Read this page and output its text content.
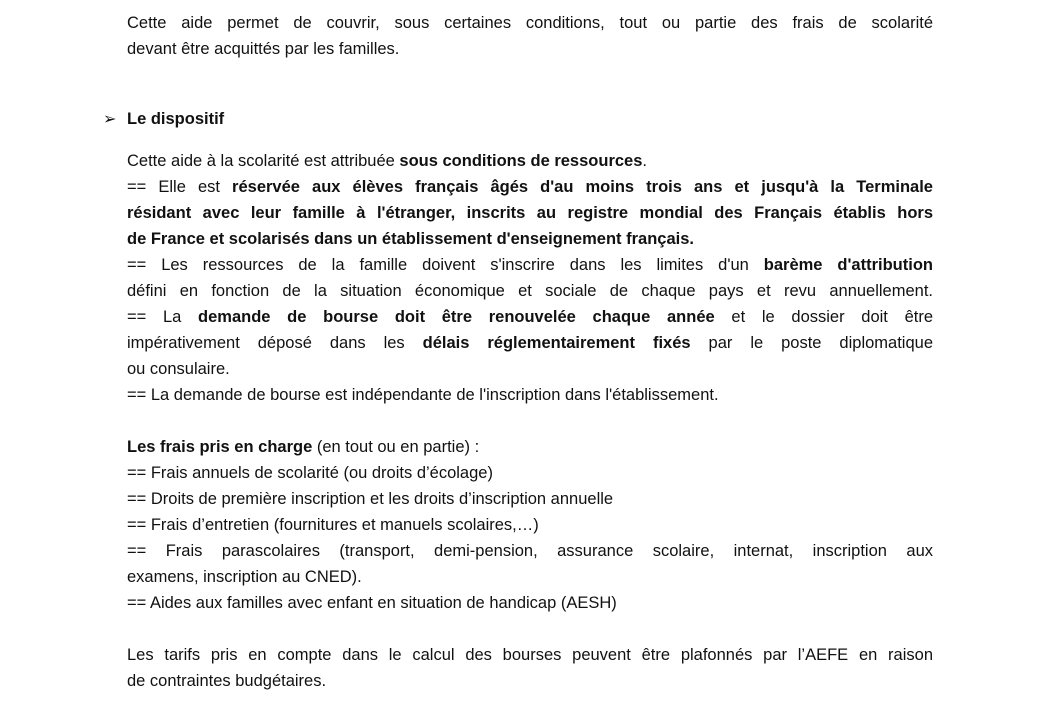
Cette aide permet de couvrir, sous certaines conditions, tout ou partie des frais de scolarité
devant être acquittés par les familles.
➢ Le dispositif
Cette aide à la scolarité est attribuée sous conditions de ressources.
== Elle est réservée aux élèves français âgés d'au moins trois ans et jusqu'à la Terminale
résidant avec leur famille à l'étranger, inscrits au registre mondial des Français établis hors
de France et scolarisés dans un établissement d'enseignement français.
== Les ressources de la famille doivent s'inscrire dans les limites d'un barème d'attribution
défini en fonction de la situation économique et sociale de chaque pays et revu annuellement.
== La demande de bourse doit être renouvelée chaque année et le dossier doit être
impérativement déposé dans les délais réglementairement fixés par le poste diplomatique
ou consulaire.
== La demande de bourse est indépendante de l'inscription dans l'établissement.
Les frais pris en charge (en tout ou en partie) :
== Frais annuels de scolarité (ou droits d’écolage)
== Droits de première inscription et les droits d’inscription annuelle
== Frais d’entretien (fournitures et manuels scolaires,…)
== Frais parascolaires (transport, demi-pension, assurance scolaire, internat, inscription aux
examens, inscription au CNED).
== Aides aux familles avec enfant en situation de handicap (AESH)
Les tarifs pris en compte dans le calcul des bourses peuvent être plafonnés par l’AEFE en raison
de contraintes budgétaires.
